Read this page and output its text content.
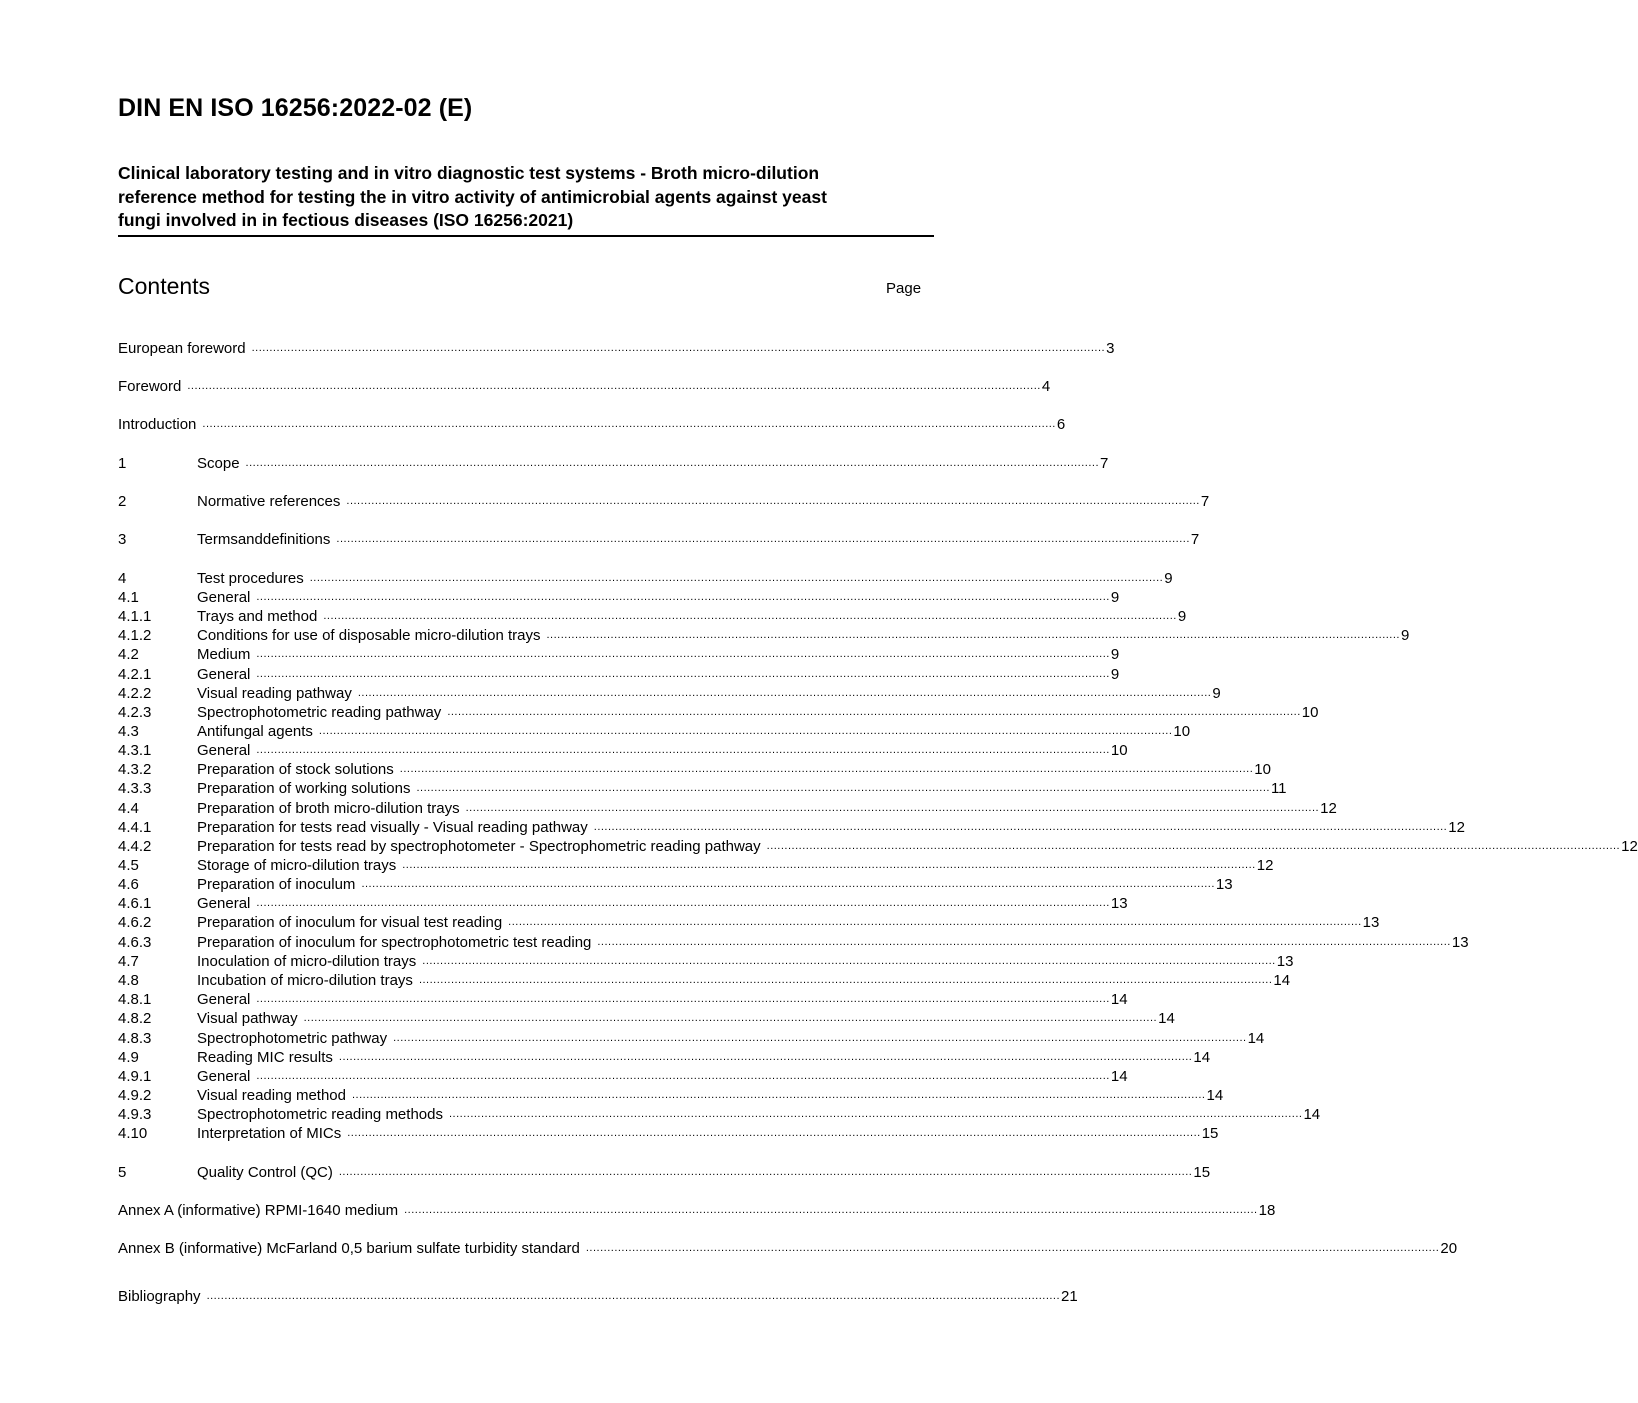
DIN EN ISO 16256:2022-02 (E)
Clinical laboratory testing and in vitro diagnostic test systems - Broth micro-dilution
reference method for testing the in vitro activity of antimicrobial agents against yeast
fungi involved in in fectious diseases (ISO 16256:2021)
Contents	Page
European foreword ................................................................................................................................................................................................................................................ 3
Foreword ................................................................................................................................................................................................................................................ 4
Introduction ................................................................................................................................................................................................................................................ 6
1	Scope ................................................................................................................................................................................................................................................ 7
2	Normative references ................................................................................................................................................................................................................................................ 7
3	Termsanddefinitions ................................................................................................................................................................................................................................................ 7
4	Test procedures ................................................................................................................................................................................................................................................ 9
4.1	General ................................................................................................................................................................................................................................................ 9
4.1.1	Trays and method ................................................................................................................................................................................................................................................ 9
4.1.2	Conditions for use of disposable micro-dilution trays ................................................................................................................................................................................................................................................ 9
4.2	Medium ................................................................................................................................................................................................................................................ 9
4.2.1	General ................................................................................................................................................................................................................................................ 9
4.2.2	Visual reading pathway ................................................................................................................................................................................................................................................ 9
4.2.3	Spectrophotometric reading pathway ................................................................................................................................................................................................................................................ 10
4.3	Antifungal agents ................................................................................................................................................................................................................................................ 10
4.3.1	General ................................................................................................................................................................................................................................................ 10
4.3.2	Preparation of stock solutions ................................................................................................................................................................................................................................................ 10
4.3.3	Preparation of working solutions ................................................................................................................................................................................................................................................ 11
4.4	Preparation of broth micro-dilution trays ................................................................................................................................................................................................................................................ 12
4.4.1	Preparation for tests read visually - Visual reading pathway ................................................................................................................................................................................................................................................ 12
4.4.2	Preparation for tests read by spectrophotometer - Spectrophometric reading pathway ................................................................................................................................................................................................................................................ 12
4.5	Storage of micro-dilution trays ................................................................................................................................................................................................................................................ 12
4.6	Preparation of inoculum ................................................................................................................................................................................................................................................ 13
4.6.1	General ................................................................................................................................................................................................................................................ 13
4.6.2	Preparation of inoculum for visual test reading ................................................................................................................................................................................................................................................ 13
4.6.3	Preparation of inoculum for spectrophotometric test reading ................................................................................................................................................................................................................................................ 13
4.7	Inoculation of micro-dilution trays ................................................................................................................................................................................................................................................ 13
4.8	Incubation of micro-dilution trays ................................................................................................................................................................................................................................................ 14
4.8.1	General ................................................................................................................................................................................................................................................ 14
4.8.2	Visual pathway ................................................................................................................................................................................................................................................ 14
4.8.3	Spectrophotometric pathway ................................................................................................................................................................................................................................................ 14
4.9	Reading MIC results ................................................................................................................................................................................................................................................ 14
4.9.1	General ................................................................................................................................................................................................................................................ 14
4.9.2	Visual reading method ................................................................................................................................................................................................................................................ 14
4.9.3	Spectrophotometric reading methods ................................................................................................................................................................................................................................................ 14
4.10	Interpretation of MICs ................................................................................................................................................................................................................................................ 15
5	Quality Control (QC) ................................................................................................................................................................................................................................................ 15
Annex A (informative) RPMI-1640 medium ................................................................................................................................................................................................................................................ 18
Annex B (informative) McFarland 0,5 barium sulfate turbidity standard ................................................................................................................................................................................................................................................ 20
Bibliography ................................................................................................................................................................................................................................................ 21
